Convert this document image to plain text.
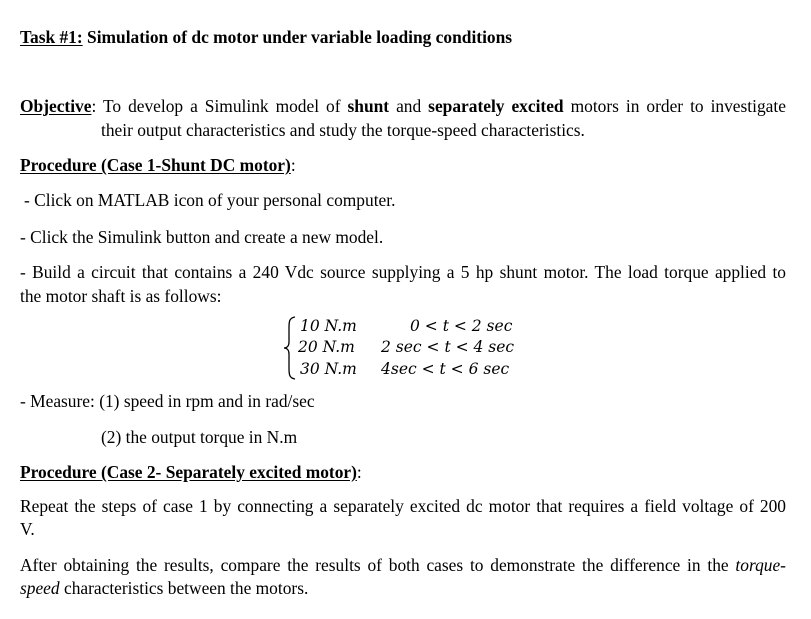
Task #1: Simulation of dc motor under variable loading conditions
Objective: To develop a Simulink model of shunt and separately excited motors in order to investigate
their output characteristics and study the torque-speed characteristics.
Procedure (Case 1-Shunt DC motor):
- Click on MATLAB icon of your personal computer.
- Click the Simulink button and create a new model.
- Build a circuit that contains a 240 Vdc source supplying a 5 hp shunt motor. The load torque applied to
the motor shaft is as follows:
10 N.m
20 N.m
30 N.m
0 < t < 2 sec
2 sec < t < 4 sec
4sec < t < 6 sec
- Measure: (1) speed in rpm and in rad/sec
(2) the output torque in N.m
Procedure (Case 2- Separately excited motor):
Repeat the steps of case 1 by connecting a separately excited dc motor that requires a field voltage of 200
V.
After obtaining the results, compare the results of both cases to demonstrate the difference in the torque-
speed characteristics between the motors.
